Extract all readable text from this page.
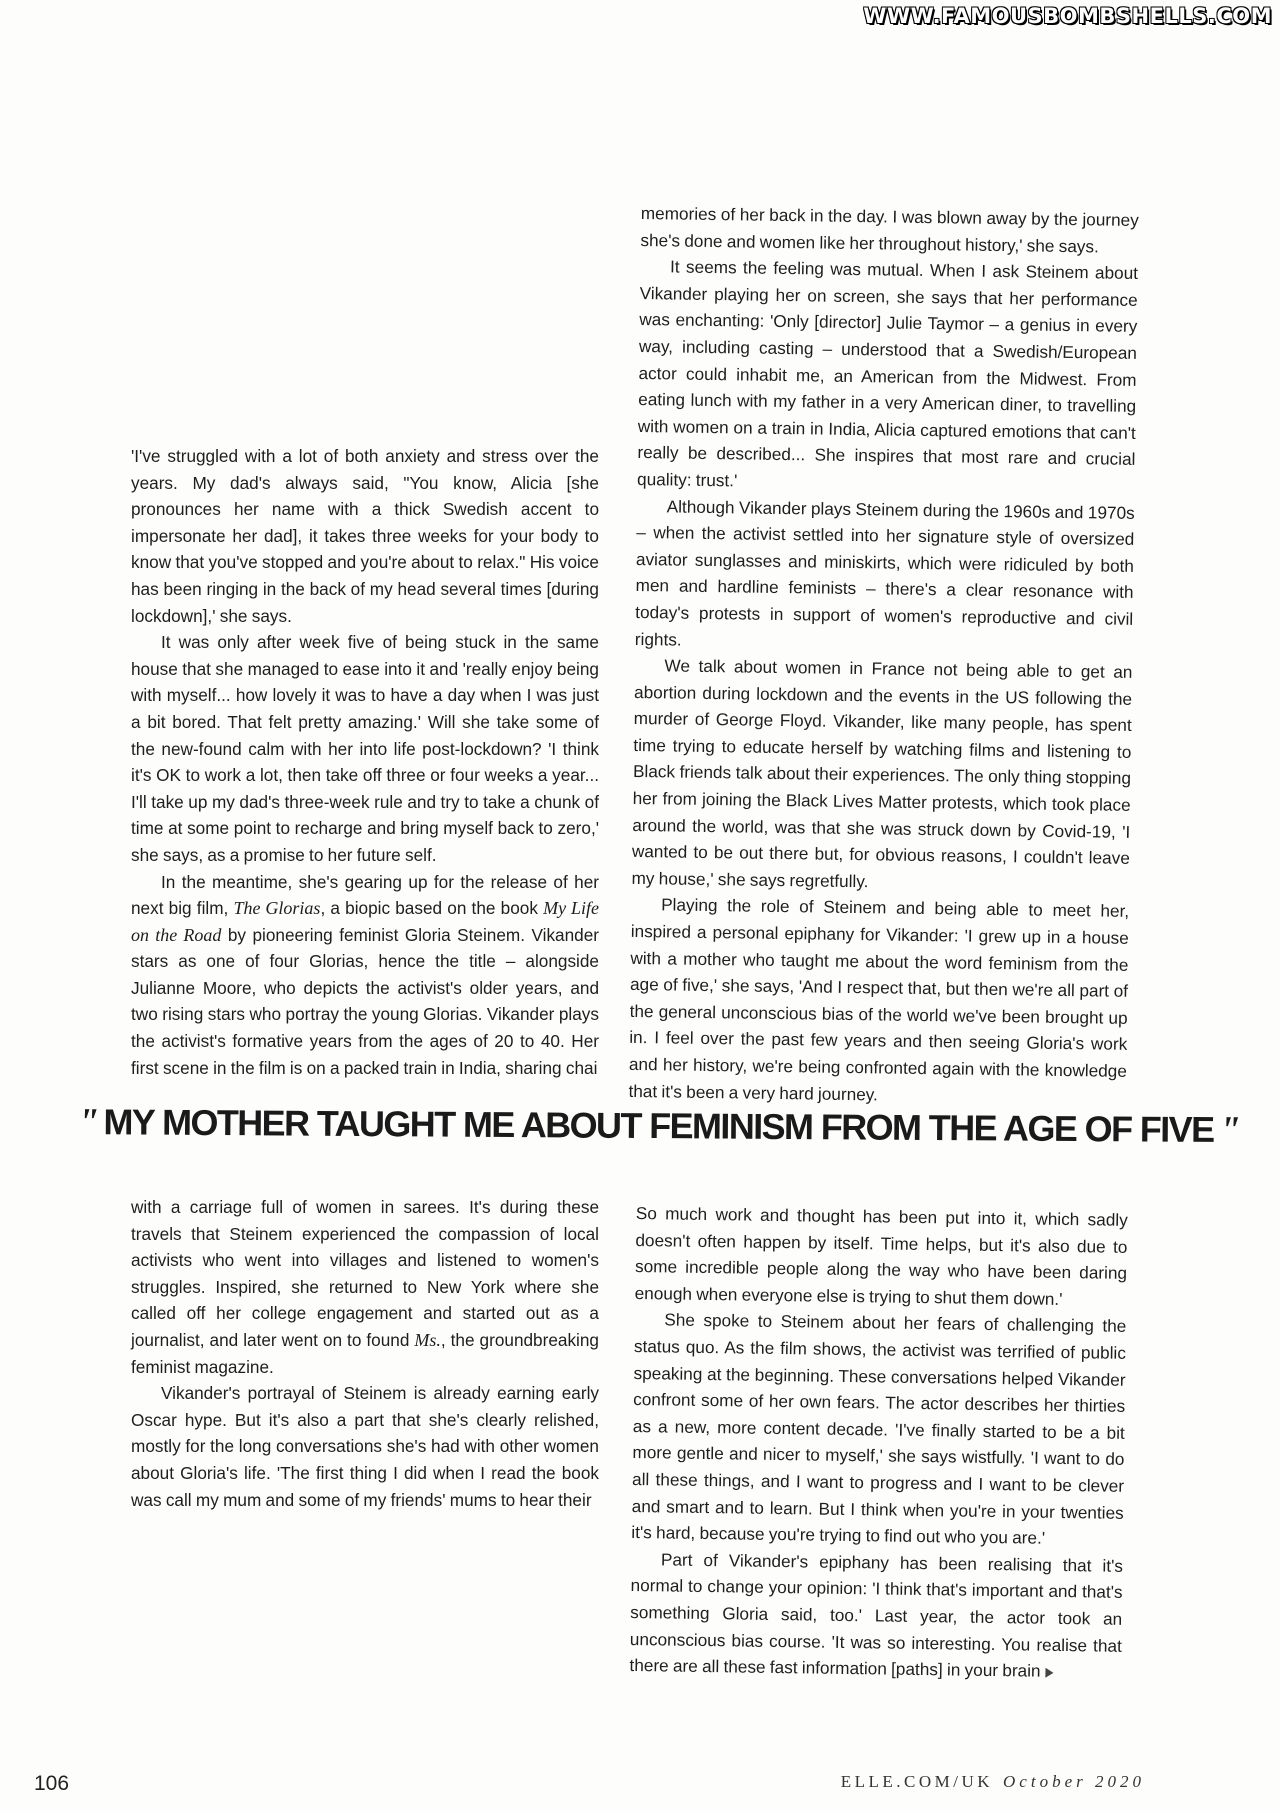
WWW.FAMOUSBOMBSHELLS.COM

'I've struggled with a lot of both anxiety and stress over the years. My dad's always said, "You know, Alicia [she pronounces her name with a thick Swedish accent to impersonate her dad], it takes three weeks for your body to know that you've stopped and you're about to relax." His voice has been ringing in the back of my head several times [during lockdown],' she says.

It was only after week five of being stuck in the same house that she managed to ease into it and 'really enjoy being with myself... how lovely it was to have a day when I was just a bit bored. That felt pretty amazing.' Will she take some of the new-found calm with her into life post-lockdown? 'I think it's OK to work a lot, then take off three or four weeks a year... I'll take up my dad's three-week rule and try to take a chunk of time at some point to recharge and bring myself back to zero,' she says, as a promise to her future self.

In the meantime, she's gearing up for the release of her next big film, The Glorias, a biopic based on the book My Life on the Road by pioneering feminist Gloria Steinem. Vikander stars as one of four Glorias, hence the title – alongside Julianne Moore, who depicts the activist's older years, and two rising stars who portray the young Glorias. Vikander plays the activist's formative years from the ages of 20 to 40. Her first scene in the film is on a packed train in India, sharing chai

memories of her back in the day. I was blown away by the journey she's done and women like her throughout history,' she says.

It seems the feeling was mutual. When I ask Steinem about Vikander playing her on screen, she says that her performance was enchanting: 'Only [director] Julie Taymor – a genius in every way, including casting – understood that a Swedish/European actor could inhabit me, an American from the Midwest. From eating lunch with my father in a very American diner, to travelling with women on a train in India, Alicia captured emotions that can't really be described... She inspires that most rare and crucial quality: trust.'

Although Vikander plays Steinem during the 1960s and 1970s – when the activist settled into her signature style of oversized aviator sunglasses and miniskirts, which were ridiculed by both men and hardline feminists – there's a clear resonance with today's protests in support of women's reproductive and civil rights.

We talk about women in France not being able to get an abortion during lockdown and the events in the US following the murder of George Floyd. Vikander, like many people, has spent time trying to educate herself by watching films and listening to Black friends talk about their experiences. The only thing stopping her from joining the Black Lives Matter protests, which took place around the world, was that she was struck down by Covid-19, 'I wanted to be out there but, for obvious reasons, I couldn't leave my house,' she says regretfully.

Playing the role of Steinem and being able to meet her, inspired a personal epiphany for Vikander: 'I grew up in a house with a mother who taught me about the word feminism from the age of five,' she says, 'And I respect that, but then we're all part of the general unconscious bias of the world we've been brought up in. I feel over the past few years and then seeing Gloria's work and her history, we're being confronted again with the knowledge that it's been a very hard journey.

" MY MOTHER TAUGHT ME ABOUT FEMINISM FROM THE AGE OF FIVE "

with a carriage full of women in sarees. It's during these travels that Steinem experienced the compassion of local activists who went into villages and listened to women's struggles. Inspired, she returned to New York where she called off her college engagement and started out as a journalist, and later went on to found Ms., the groundbreaking feminist magazine.

Vikander's portrayal of Steinem is already earning early Oscar hype. But it's also a part that she's clearly relished, mostly for the long conversations she's had with other women about Gloria's life. 'The first thing I did when I read the book was call my mum and some of my friends' mums to hear their

So much work and thought has been put into it, which sadly doesn't often happen by itself. Time helps, but it's also due to some incredible people along the way who have been daring enough when everyone else is trying to shut them down.'

She spoke to Steinem about her fears of challenging the status quo. As the film shows, the activist was terrified of public speaking at the beginning. These conversations helped Vikander confront some of her own fears. The actor describes her thirties as a new, more content decade. 'I've finally started to be a bit more gentle and nicer to myself,' she says wistfully. 'I want to do all these things, and I want to progress and I want to be clever and smart and to learn. But I think when you're in your twenties it's hard, because you're trying to find out who you are.'

Part of Vikander's epiphany has been realising that it's normal to change your opinion: 'I think that's important and that's something Gloria said, too.' Last year, the actor took an unconscious bias course. 'It was so interesting. You realise that there are all these fast information [paths] in your brain

106	ELLE.COM/UK October 2020
